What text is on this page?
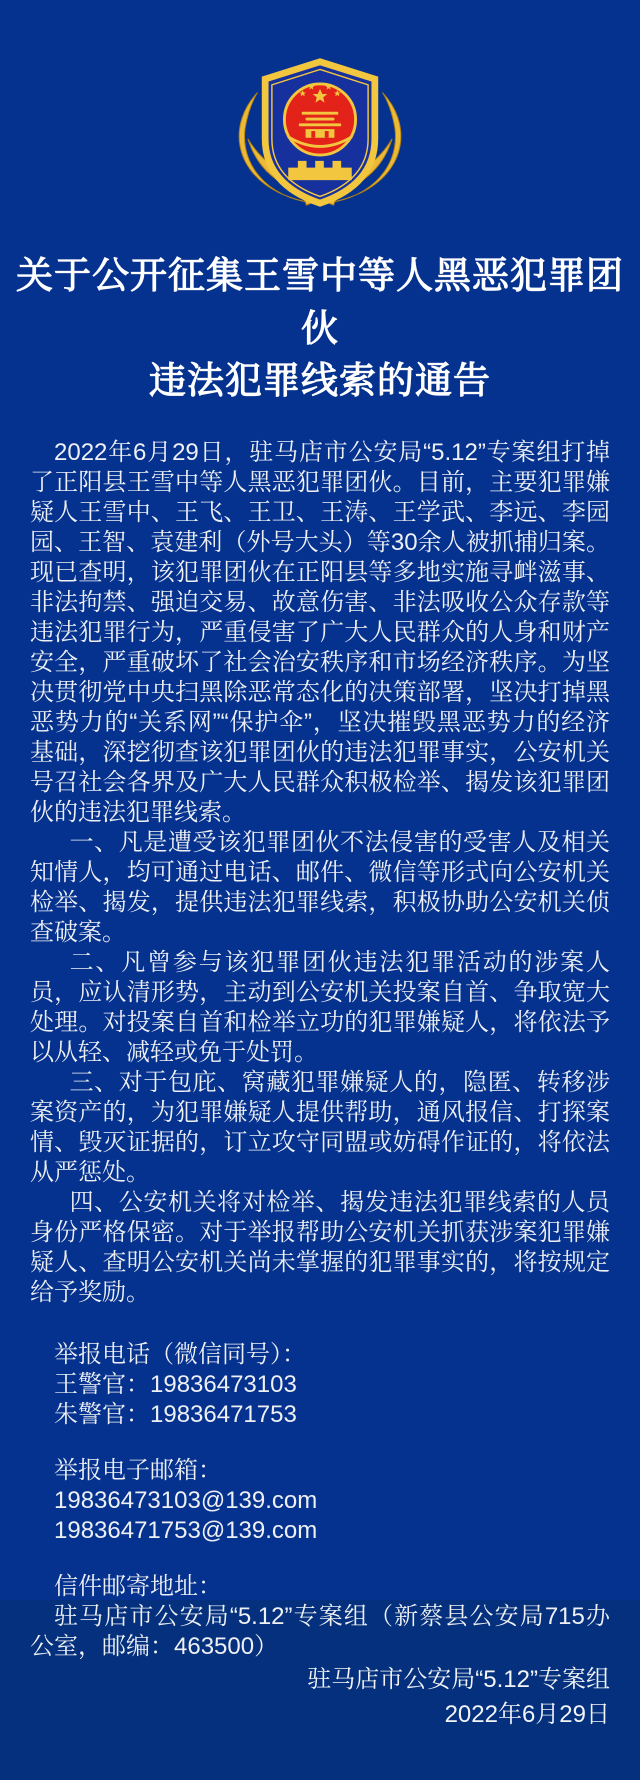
关于公开征集王雪中等人黑恶犯罪团伙
违法犯罪线索的通告

2022年6月29日，驻马店市公安局“5.12”专案组打掉了正阳县王雪中等人黑恶犯罪团伙。目前，主要犯罪嫌疑人王雪中、王飞、王卫、王涛、王学武、李远、李园园、王智、袁建利（外号大头）等30余人被抓捕归案。现已查明，该犯罪团伙在正阳县等多地实施寻衅滋事、非法拘禁、强迫交易、故意伤害、非法吸收公众存款等违法犯罪行为，严重侵害了广大人民群众的人身和财产安全，严重破坏了社会治安秩序和市场经济秩序。为坚决贯彻党中央扫黑除恶常态化的决策部署，坚决打掉黑恶势力的“关系网”“保护伞”，坚决摧毁黑恶势力的经济基础，深挖彻查该犯罪团伙的违法犯罪事实，公安机关号召社会各界及广大人民群众积极检举、揭发该犯罪团伙的违法犯罪线索。

一、凡是遭受该犯罪团伙不法侵害的受害人及相关知情人，均可通过电话、邮件、微信等形式向公安机关检举、揭发，提供违法犯罪线索，积极协助公安机关侦查破案。

二、凡曾参与该犯罪团伙违法犯罪活动的涉案人员，应认清形势，主动到公安机关投案自首、争取宽大处理。对投案自首和检举立功的犯罪嫌疑人，将依法予以从轻、减轻或免于处罚。

三、对于包庇、窝藏犯罪嫌疑人的，隐匿、转移涉案资产的，为犯罪嫌疑人提供帮助，通风报信、打探案情、毁灭证据的，订立攻守同盟或妨碍作证的，将依法从严惩处。

四、公安机关将对检举、揭发违法犯罪线索的人员身份严格保密。对于举报帮助公安机关抓获涉案犯罪嫌疑人、查明公安机关尚未掌握的犯罪事实的，将按规定给予奖励。

举报电话（微信同号）：

王警官：19836473103

朱警官：19836471753

举报电子邮箱：

19836473103@139.com

19836471753@139.com

信件邮寄地址：

驻马店市公安局“5.12”专案组（新蔡县公安局715办公室，邮编：463500）

驻马店市公安局“5.12”专案组

2022年6月29日
